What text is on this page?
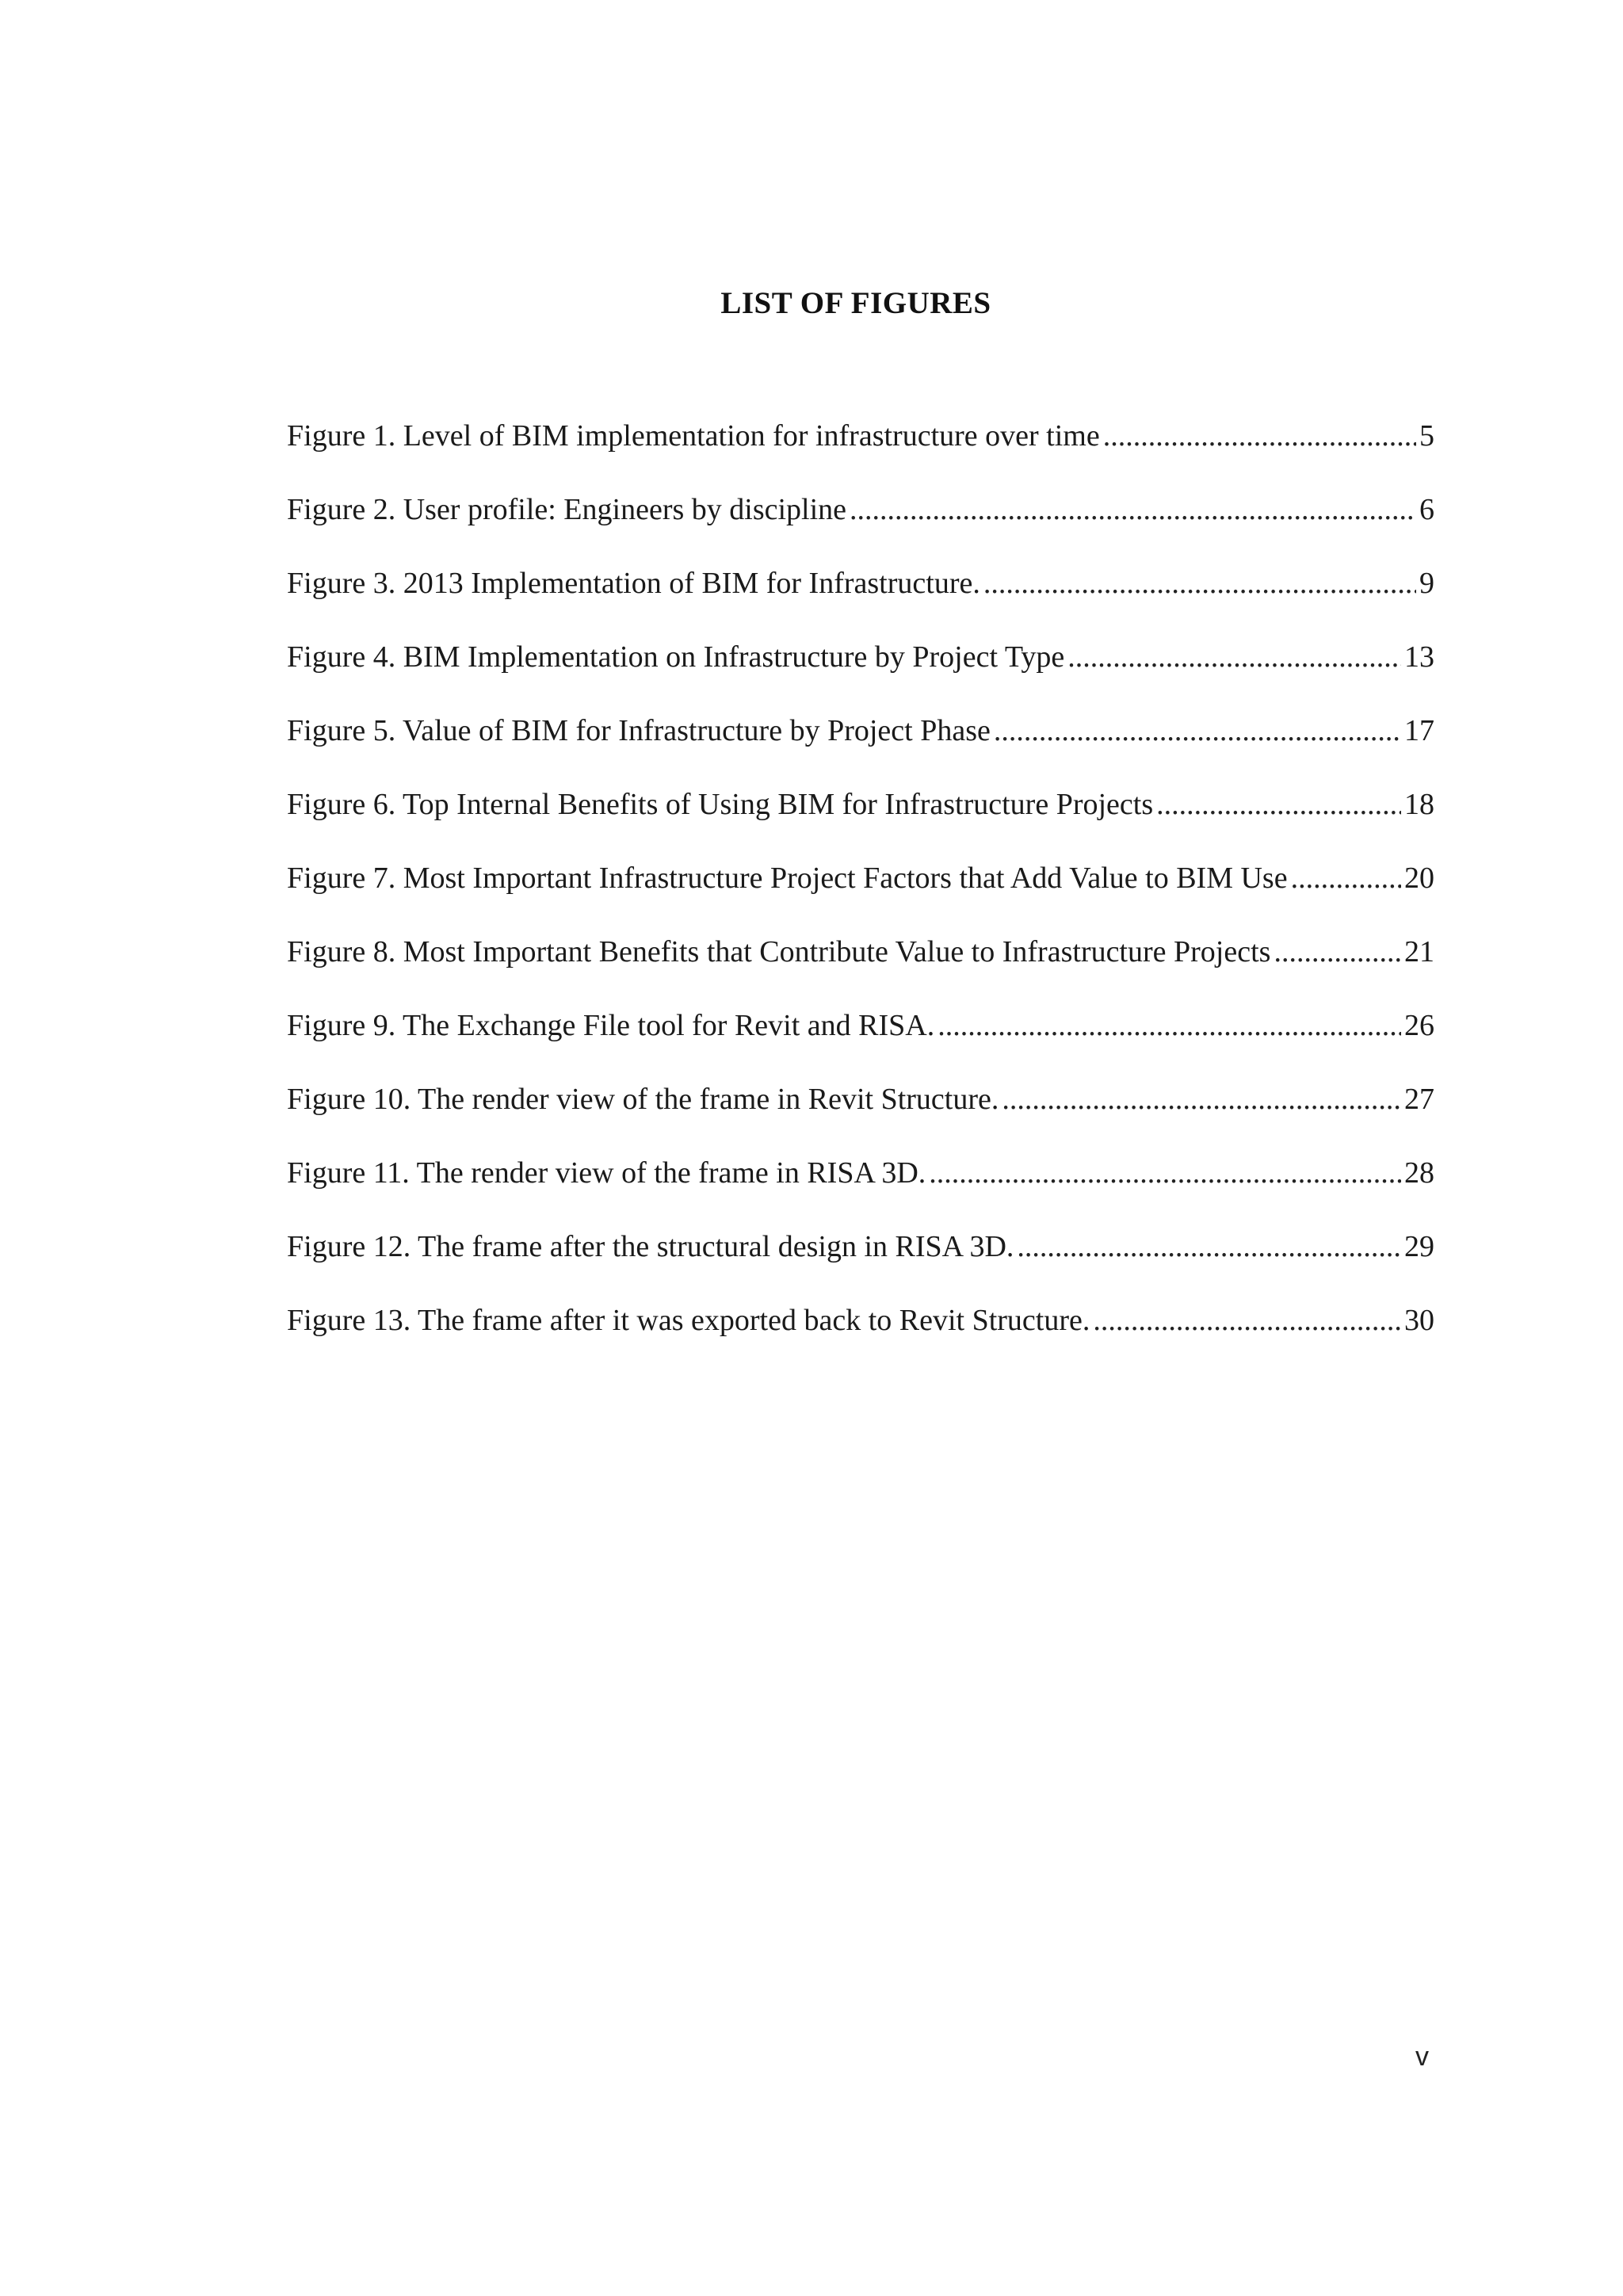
LIST OF FIGURES
Figure 1. Level of BIM implementation for infrastructure over time .....	5
Figure 2. User profile: Engineers by discipline .....	6
Figure 3. 2013 Implementation of BIM for Infrastructure. .....	9
Figure 4. BIM Implementation on Infrastructure by Project Type .....	13
Figure 5. Value of BIM for Infrastructure by Project Phase .....	17
Figure 6. Top Internal Benefits of Using BIM for Infrastructure Projects .....	18
Figure 7. Most Important Infrastructure Project Factors that Add Value to BIM Use .....	20
Figure 8. Most Important Benefits that Contribute Value to Infrastructure Projects .....	21
Figure 9. The Exchange File tool for Revit and RISA. .....	26
Figure 10. The render view of the frame in Revit Structure. .....	27
Figure 11. The render view of the frame in RISA 3D. .....	28
Figure 12. The frame after the structural design in RISA 3D. .....	29
Figure 13. The frame after it was exported back to Revit Structure. .....	30
v
